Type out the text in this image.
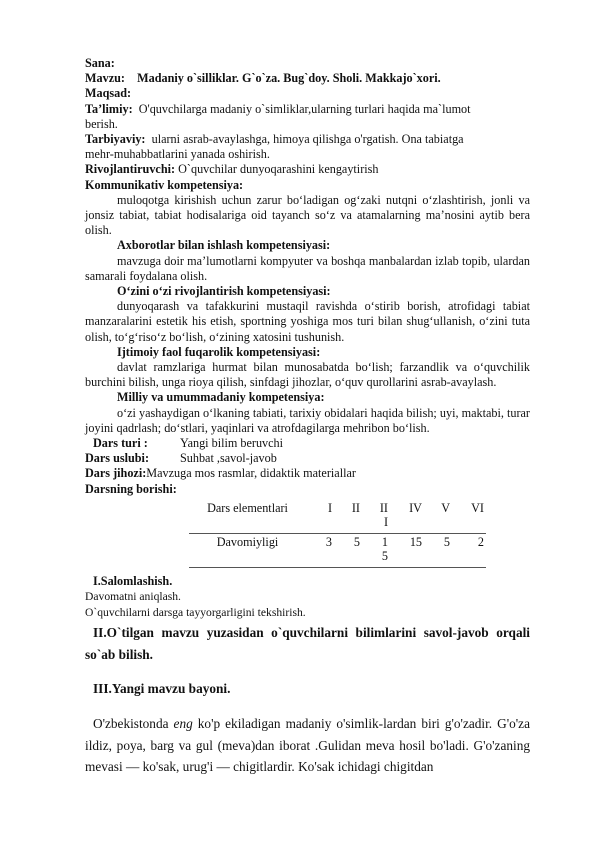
Sana:

Mavzu: Madaniy o`silliklar. G`o`za. Bug`doy. Sholi. Makkajo`xori.

Maqsad:

Ta’limiy: O'quvchilarga madaniy o`simliklar,ularning turlari haqida ma`lumot

berish.

Tarbiyaviy: ularni asrab-avaylashga, himoya qilishga o'rgatish. Ona tabiatga

mehr-muhabbatlarini yanada oshirish.

Rivojlantiruvchi: O`quvchilar dunyoqarashini kengaytirish

Kommunikativ kompetensiya:

muloqotga kirishish uchun zarur bo‘ladigan og‘zaki nutqni o‘zlashtirish, jonli va jonsiz tabiat, tabiat hodisalariga oid tayanch so‘z va atamalarning ma’nosini aytib bera olish.

Axborotlar bilan ishlash kompetensiyasi:

mavzuga doir ma’lumotlarni kompyuter va boshqa manbalardan izlab topib, ulardan samarali foydalana olish.

O‘zini o‘zi rivojlantirish kompetensiyasi:

dunyoqarash va tafakkurini mustaqil ravishda o‘stirib borish, atrofidagi tabiat manzaralarini estetik his etish, sportning yoshiga mos turi bilan shug‘ullanish, o‘zini tuta olish, to‘g‘riso‘z bo‘lish, o‘zining xatosini tushunish.

Ijtimoiy faol fuqarolik kompetensiyasi:

davlat ramzlariga hurmat bilan munosabatda bo‘lish; farzandlik va o‘quvchilik burchini bilish, unga rioya qilish, sinfdagi jihozlar, o‘quv qurollarini asrab-avaylash.

Milliy va umummadaniy kompetensiya:

o‘zi yashaydigan o‘lkaning tabiati, tarixiy obidalari haqida bilish; uyi, maktabi, turar joyini qadrlash; do‘stlari, yaqinlari va atrofdagilarga mehribon bo‘lish.

Dars turi :	Yangi bilim beruvchi

Dars uslubi:	Suhbat ,savol-javob

Dars jihozi:Mavzuga mos rasmlar, didaktik materiallar

Darsning borishi:

Dars elementlari	I	II	III	IV	V	VI
Davomiyligi	3	5	15	15	5	2

I.Salomlashish.

Davomatni aniqlash.

O`quvchilarni darsga tayyorgarligini tekshirish.

II.O`tilgan mavzu yuzasidan o`quvchilarni bilimlarini savol-javob orqali so`ab bilish.

III.Yangi mavzu bayoni.

O'zbekistonda eng ko'p ekiladigan madaniy o'simlik-lardan biri g'o'zadir. G'o'za ildiz, poya, barg va gul (meva)dan iborat .Gulidan meva hosil bo'ladi. G'o'zaning mevasi — ko'sak, urug'i — chigitlardir. Ko'sak ichidagi chigitdan
